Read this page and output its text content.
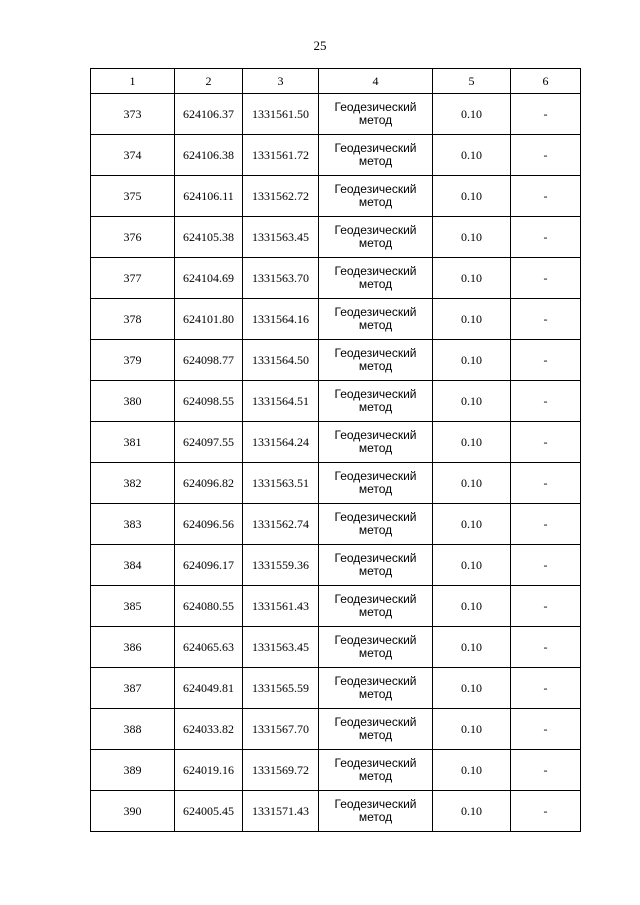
25
1	2	3	4	5	6
373	624106.37	1331561.50	Геодезический метод	0.10	-
374	624106.38	1331561.72	Геодезический метод	0.10	-
375	624106.11	1331562.72	Геодезический метод	0.10	-
376	624105.38	1331563.45	Геодезический метод	0.10	-
377	624104.69	1331563.70	Геодезический метод	0.10	-
378	624101.80	1331564.16	Геодезический метод	0.10	-
379	624098.77	1331564.50	Геодезический метод	0.10	-
380	624098.55	1331564.51	Геодезический метод	0.10	-
381	624097.55	1331564.24	Геодезический метод	0.10	-
382	624096.82	1331563.51	Геодезический метод	0.10	-
383	624096.56	1331562.74	Геодезический метод	0.10	-
384	624096.17	1331559.36	Геодезический метод	0.10	-
385	624080.55	1331561.43	Геодезический метод	0.10	-
386	624065.63	1331563.45	Геодезический метод	0.10	-
387	624049.81	1331565.59	Геодезический метод	0.10	-
388	624033.82	1331567.70	Геодезический метод	0.10	-
389	624019.16	1331569.72	Геодезический метод	0.10	-
390	624005.45	1331571.43	Геодезический метод	0.10	-
